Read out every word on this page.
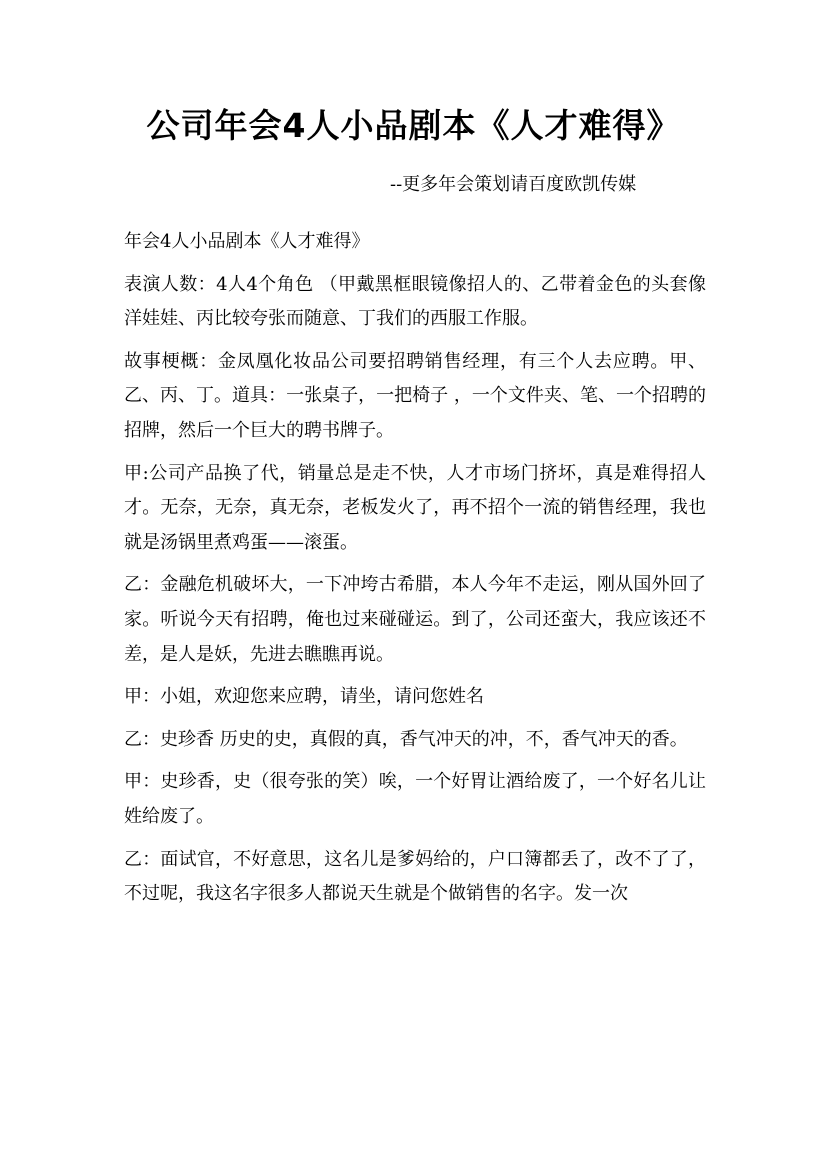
公司年会4人小品剧本《人才难得》
--更多年会策划请百度欧凯传媒

年会4人小品剧本《人才难得》

表演人数：4人4个角色 （甲戴黑框眼镜像招人的、乙带着金色的头套像洋娃娃、丙比较夸张而随意、丁我们的西服工作服。

故事梗概：金凤凰化妆品公司要招聘销售经理，有三个人去应聘。甲、乙、丙、丁。道具：一张桌子，一把椅子 ，一个文件夹、笔、一个招聘的招牌，然后一个巨大的聘书牌子。

甲:公司产品换了代，销量总是走不快，人才市场门挤坏，真是难得招人才。无奈，无奈，真无奈，老板发火了，再不招个一流的销售经理，我也就是汤锅里煮鸡蛋——滚蛋。

乙：金融危机破坏大，一下冲垮古希腊，本人今年不走运，刚从国外回了家。听说今天有招聘，俺也过来碰碰运。到了，公司还蛮大，我应该还不差，是人是妖，先进去瞧瞧再说。

甲：小姐，欢迎您来应聘，请坐，请问您姓名

乙：史珍香 历史的史，真假的真，香气冲天的冲，不，香气冲天的香。

甲：史珍香，史（很夸张的笑）唉，一个好胃让酒给废了，一个好名儿让姓给废了。

乙：面试官，不好意思，这名儿是爹妈给的，户口簿都丢了，改不了了，不过呢，我这名字很多人都说天生就是个做销售的名字。发一次
